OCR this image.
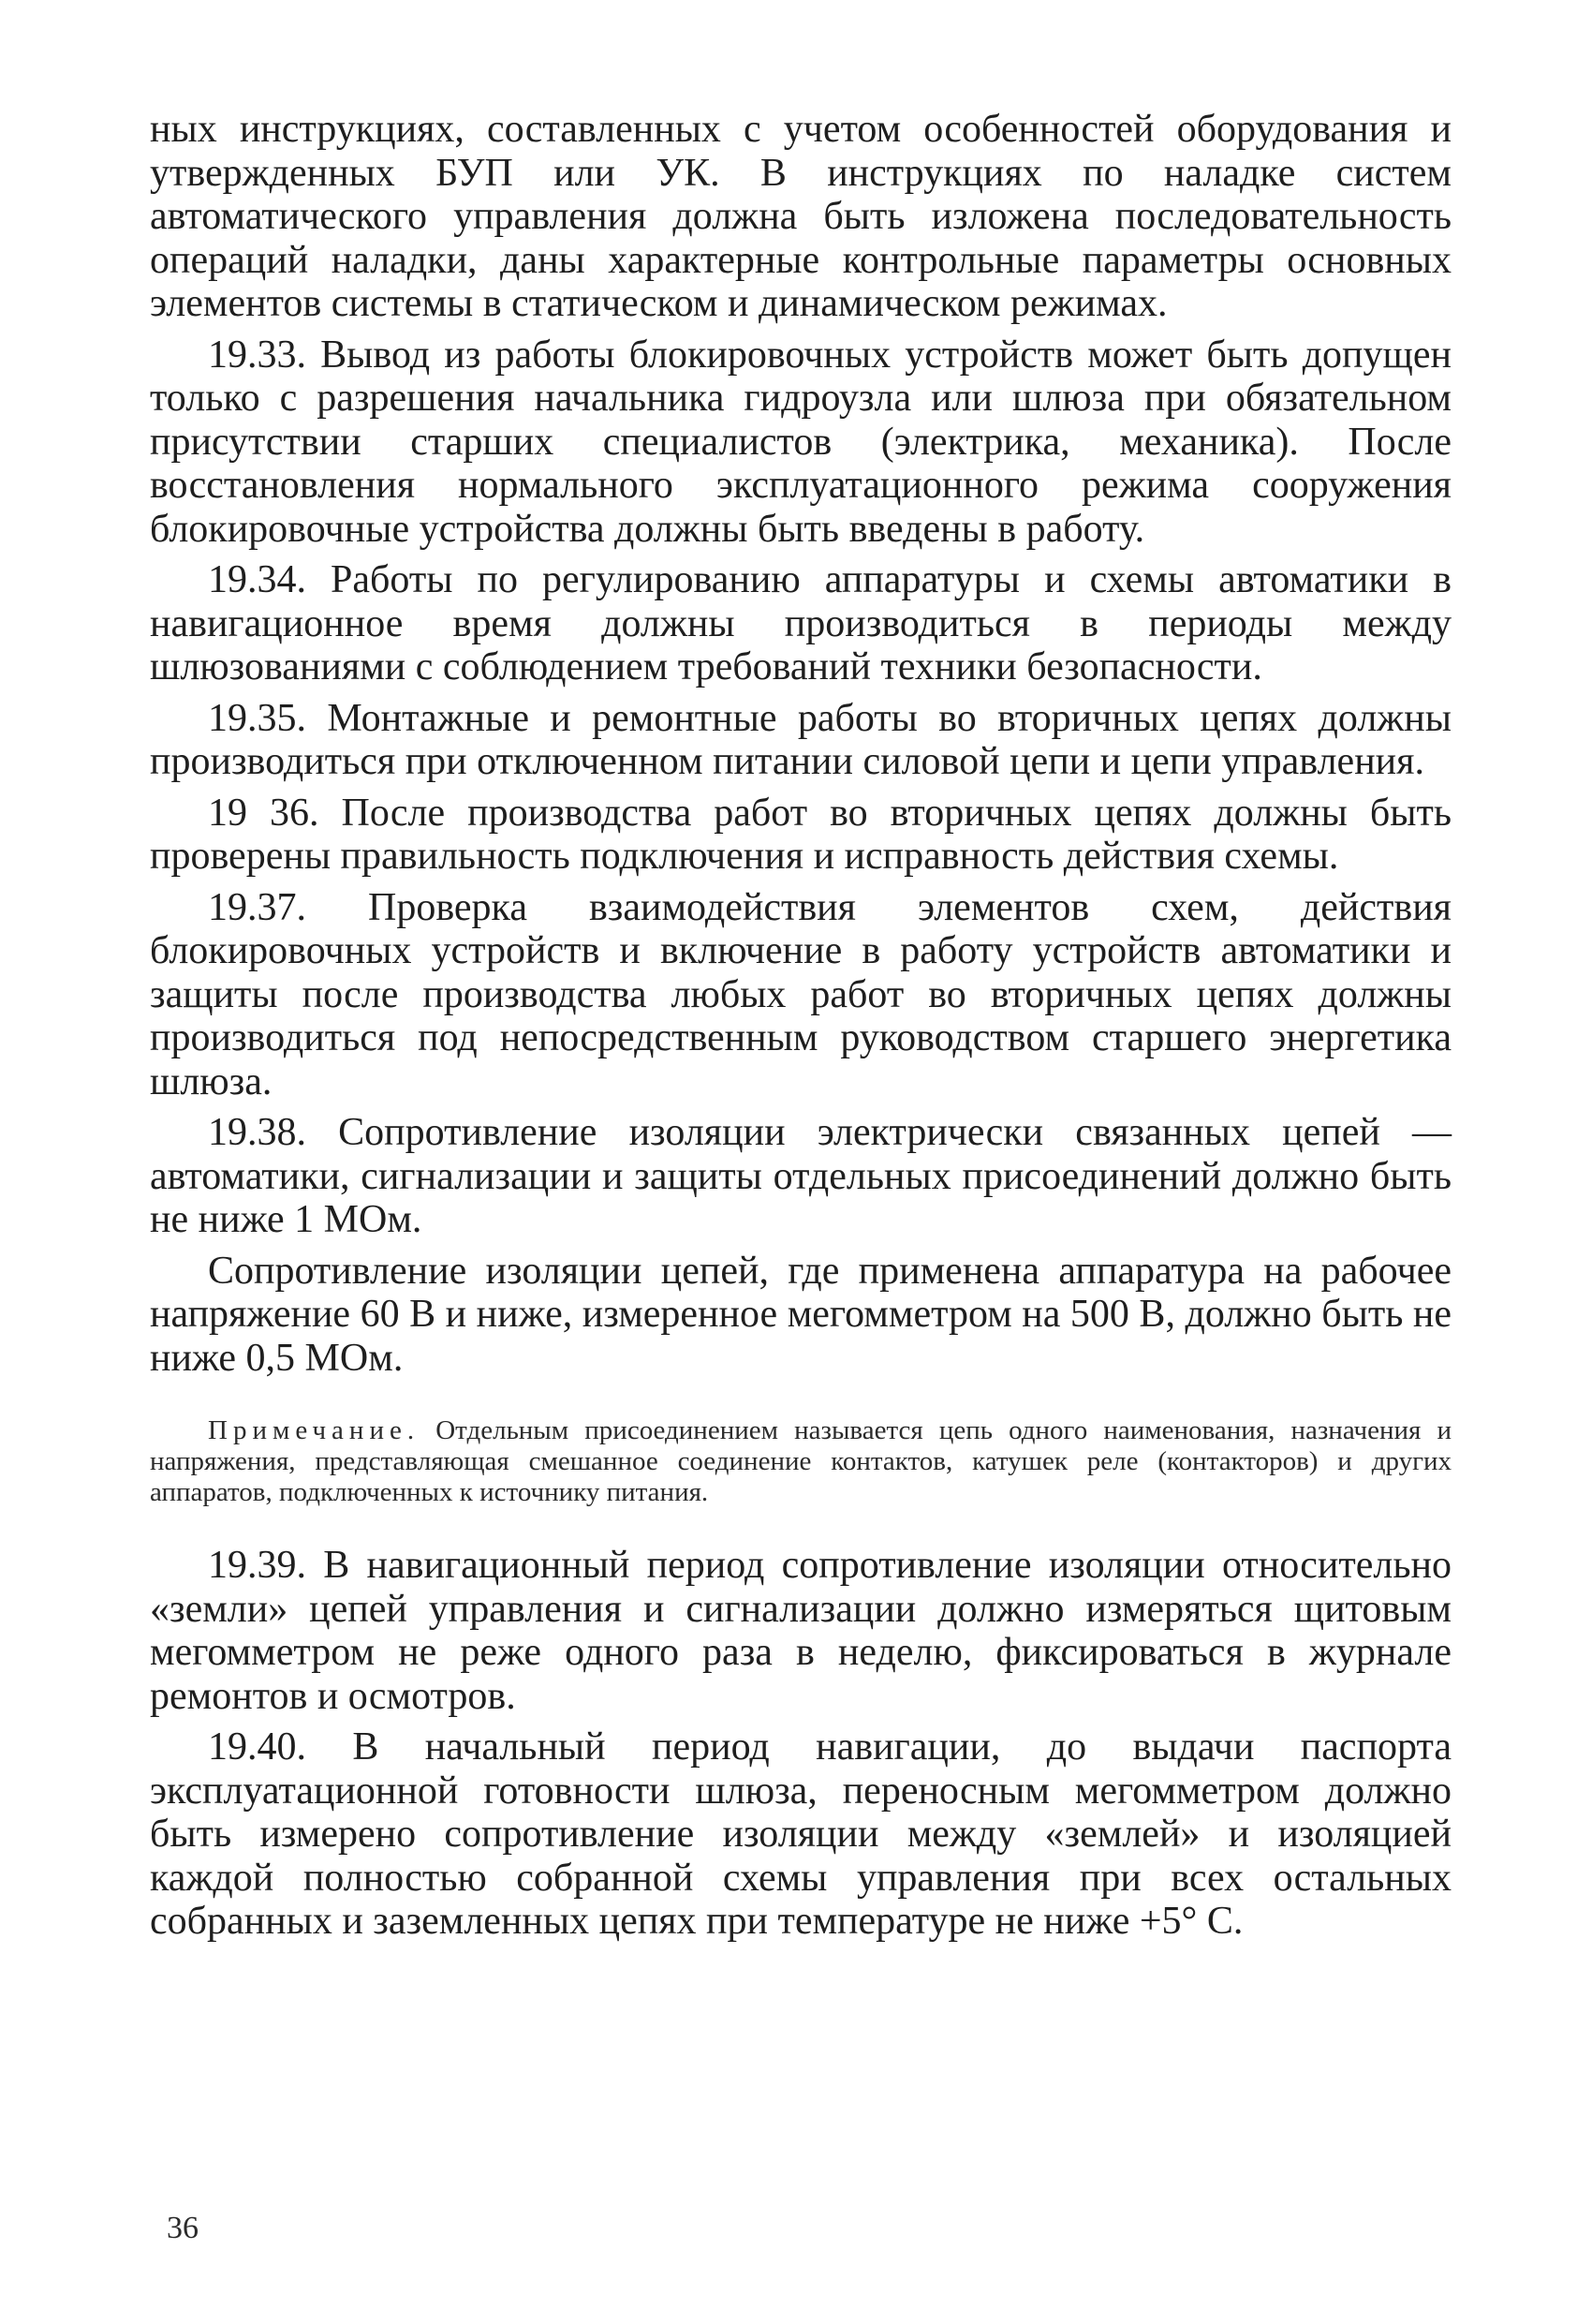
ных инструкциях, составленных с учетом особенностей оборудования и утвержденных БУП или УК. В инструкциях по наладке систем автоматического управления должна быть изложена последовательность операций наладки, даны характерные контрольные параметры основных элементов системы в статическом и динамическом режимах.

19.33. Вывод из работы блокировочных устройств может быть допущен только с разрешения начальника гидроузла или шлюза при обязательном присутствии старших специалистов (электрика, механика). После восстановления нормального эксплуатационного режима сооружения блокировочные устройства должны быть введены в работу.

19.34. Работы по регулированию аппаратуры и схемы автоматики в навигационное время должны производиться в периоды между шлюзованиями с соблюдением требований техники безопасности.

19.35. Монтажные и ремонтные работы во вторичных цепях должны производиться при отключенном питании силовой цепи и цепи управления.

19 36. После производства работ во вторичных цепях должны быть проверены правильность подключения и исправность действия схемы.

19.37. Проверка взаимодействия элементов схем, действия блокировочных устройств и включение в работу устройств автоматики и защиты после производства любых работ во вторичных цепях должны производиться под непосредственным руководством старшего энергетика шлюза.

19.38. Сопротивление изоляции электрически связанных цепей — автоматики, сигнализации и защиты отдельных присоединений должно быть не ниже 1 МОм.

Сопротивление изоляции цепей, где применена аппаратура на рабочее напряжение 60 В и ниже, измеренное мегомметром на 500 В, должно быть не ниже 0,5 МОм.

Примечание. Отдельным присоединением называется цепь одного наименования, назначения и напряжения, представляющая смешанное соединение контактов, катушек реле (контакторов) и других аппаратов, подключенных к источнику питания.

19.39. В навигационный период сопротивление изоляции относительно «земли» цепей управления и сигнализации должно измеряться щитовым мегомметром не реже одного раза в неделю, фиксироваться в журнале ремонтов и осмотров.

19.40. В начальный период навигации, до выдачи паспорта эксплуатационной готовности шлюза, переносным мегомметром должно быть измерено сопротивление изоляции между «землей» и изоляцией каждой полностью собранной схемы управления при всех остальных собранных и заземленных цепях при температуре не ниже +5° С.

36
